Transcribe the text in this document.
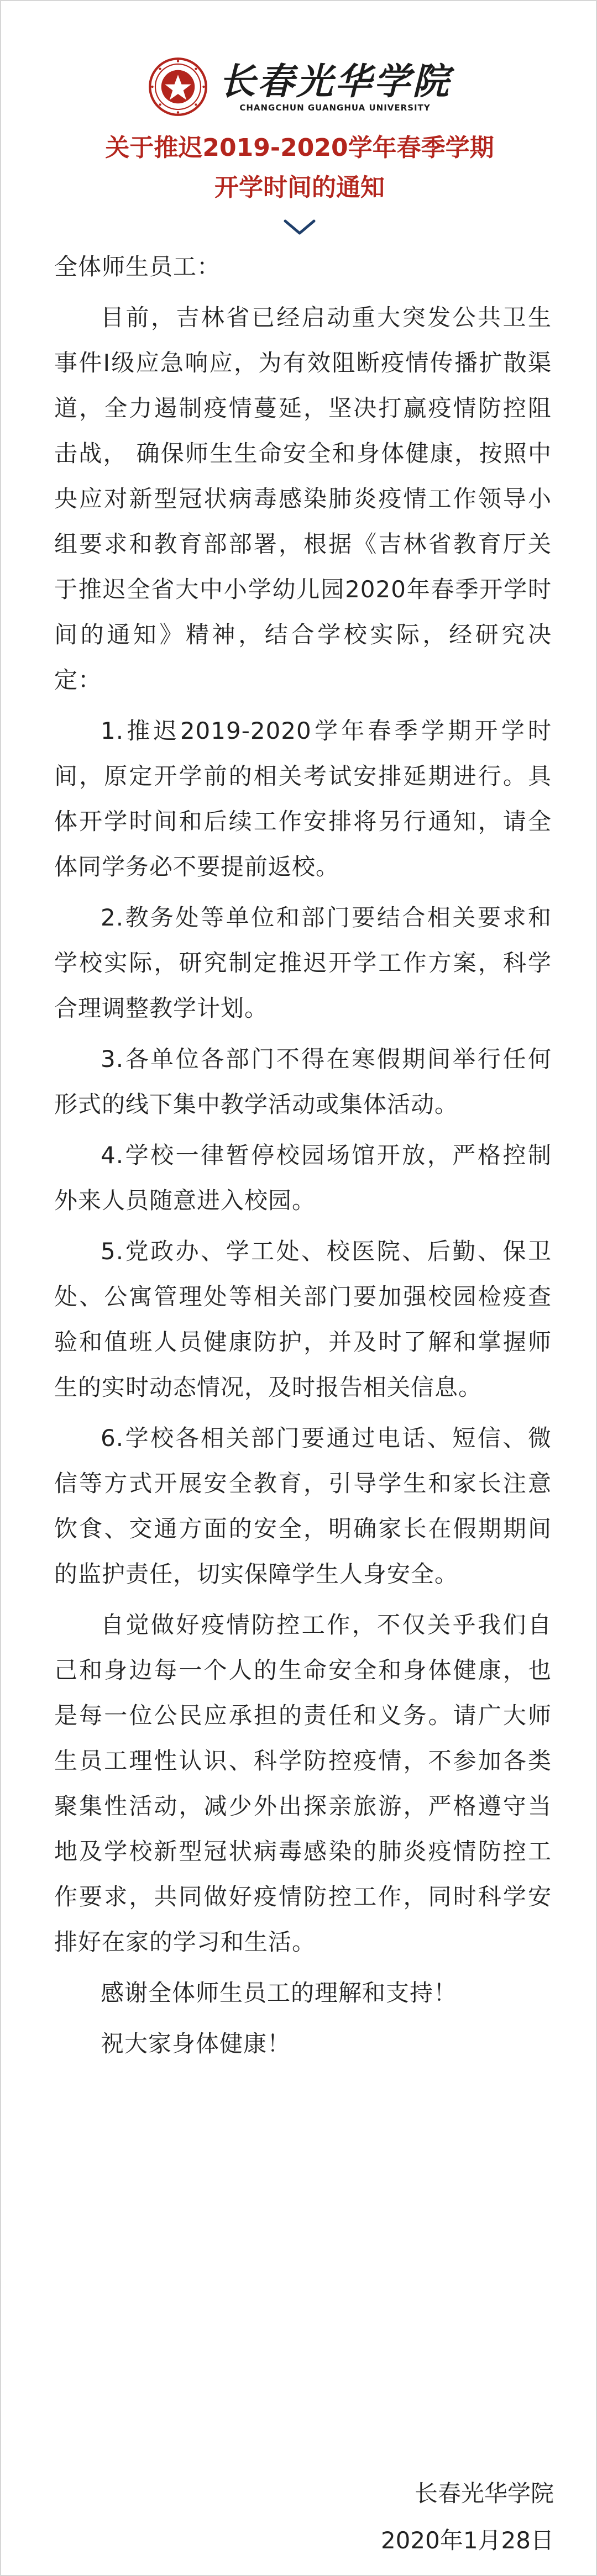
长春光华学院
CHANGCHUN GUANGHUA UNIVERSITY
关于推迟2019-2020学年春季学期
开学时间的通知

全体师生员工：

目前，吉林省已经启动重大突发公共卫生事件I级应急响应，为有效阻断疫情传播扩散渠道，全力遏制疫情蔓延，坚决打赢疫情防控阻击战， 确保师生生命安全和身体健康，按照中央应对新型冠状病毒感染肺炎疫情工作领导小组要求和教育部部署，根据《吉林省教育厅关于推迟全省大中小学幼儿园2020年春季开学时间的通知》精神，结合学校实际，经研究决定：

1.推迟2019-2020学年春季学期开学时间，原定开学前的相关考试安排延期进行。具体开学时间和后续工作安排将另行通知，请全体同学务必不要提前返校。

2.教务处等单位和部门要结合相关要求和学校实际，研究制定推迟开学工作方案，科学合理调整教学计划。

3.各单位各部门不得在寒假期间举行任何形式的线下集中教学活动或集体活动。

4.学校一律暂停校园场馆开放，严格控制外来人员随意进入校园。

5.党政办、学工处、校医院、后勤、保卫处、公寓管理处等相关部门要加强校园检疫查验和值班人员健康防护，并及时了解和掌握师生的实时动态情况，及时报告相关信息。

6.学校各相关部门要通过电话、短信、微信等方式开展安全教育，引导学生和家长注意饮食、交通方面的安全，明确家长在假期期间的监护责任，切实保障学生人身安全。

自觉做好疫情防控工作，不仅关乎我们自己和身边每一个人的生命安全和身体健康，也是每一位公民应承担的责任和义务。请广大师生员工理性认识、科学防控疫情，不参加各类聚集性活动，减少外出探亲旅游，严格遵守当地及学校新型冠状病毒感染的肺炎疫情防控工作要求，共同做好疫情防控工作，同时科学安排好在家的学习和生活。

感谢全体师生员工的理解和支持！

祝大家身体健康！

长春光华学院
2020年1月28日
